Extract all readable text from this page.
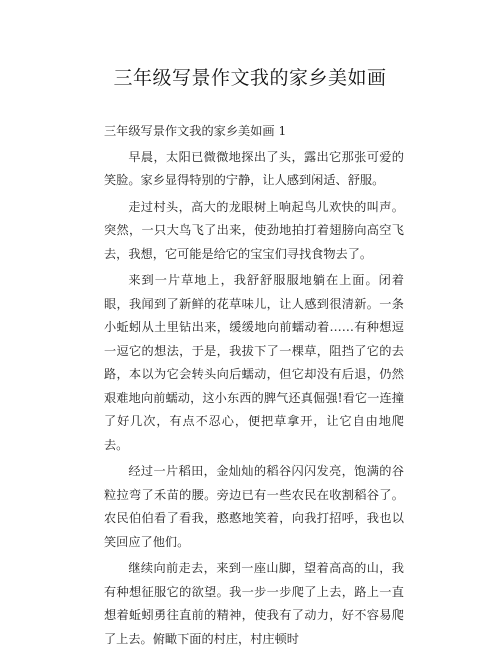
三年级写景作文我的家乡美如画

三年级写景作文我的家乡美如画 1

早晨，太阳已微微地探出了头，露出它那张可爱的笑脸。家乡显得特别的宁静，让人感到闲适、舒服。

走过村头，高大的龙眼树上响起鸟儿欢快的叫声。突然，一只大鸟飞了出来，使劲地拍打着翅膀向高空飞去，我想，它可能是给它的宝宝们寻找食物去了。

来到一片草地上，我舒舒服服地躺在上面。闭着眼，我闻到了新鲜的花草味儿，让人感到很清新。一条小蚯蚓从土里钻出来，缓缓地向前蠕动着……有种想逗一逗它的想法，于是，我拔下了一棵草，阻挡了它的去路，本以为它会转头向后蠕动，但它却没有后退，仍然艰难地向前蠕动，这小东西的脾气还真倔强!看它一连撞了好几次，有点不忍心，便把草拿开，让它自由地爬去。

经过一片稻田，金灿灿的稻谷闪闪发亮，饱满的谷粒拉弯了禾苗的腰。旁边已有一些农民在收割稻谷了。农民伯伯看了看我，憨憨地笑着，向我打招呼，我也以笑回应了他们。

继续向前走去，来到一座山脚，望着高高的山，我有种想征服它的欲望。我一步一步爬了上去，路上一直想着蚯蚓勇往直前的精神，使我有了动力，好不容易爬了上去。俯瞰下面的村庄，村庄顿时
